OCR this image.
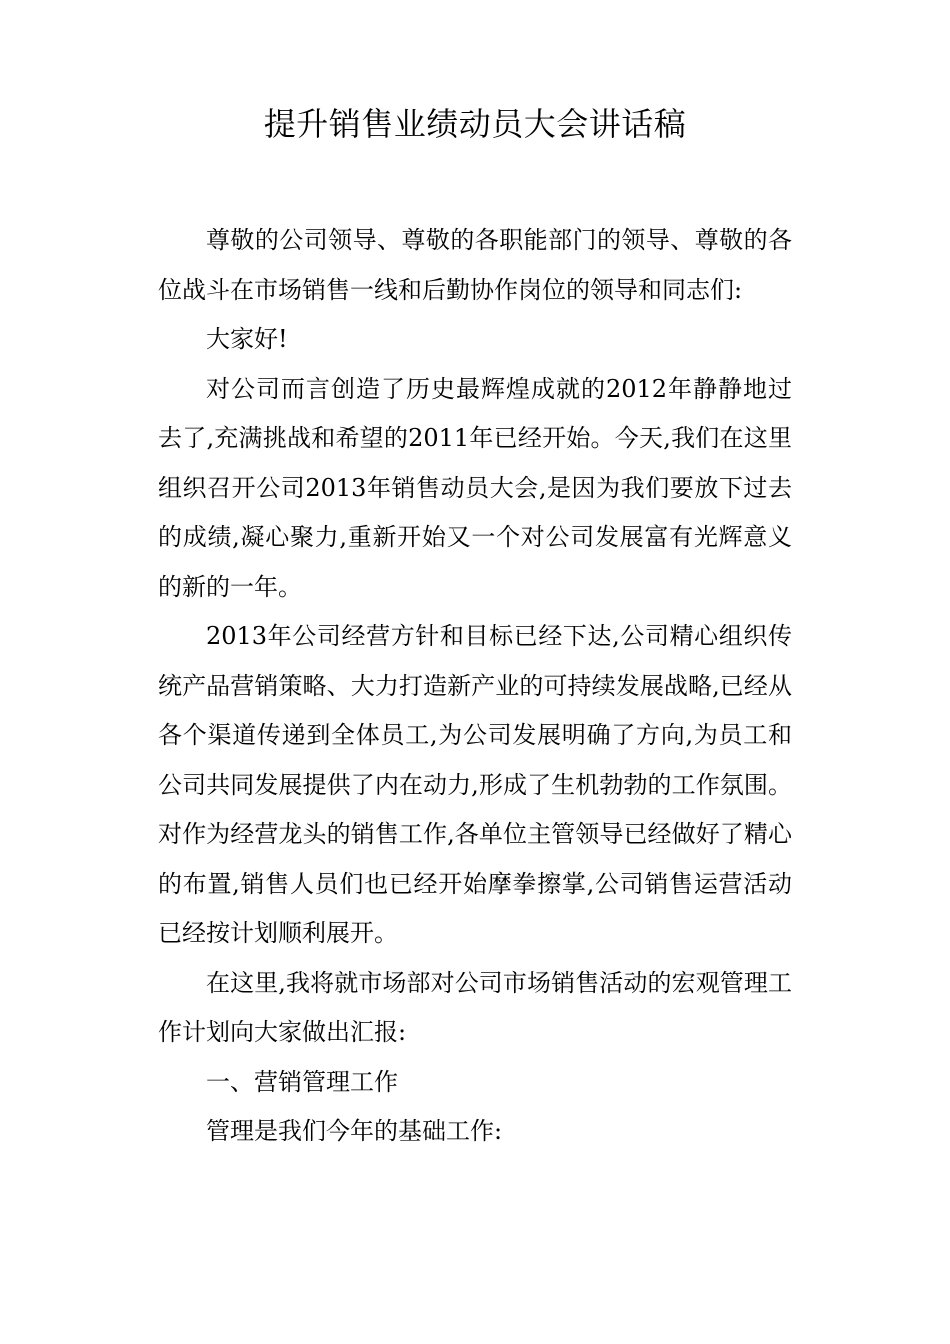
提升销售业绩动员大会讲话稿

尊敬的公司领导、尊敬的各职能部门的领导、尊敬的各位战斗在市场销售一线和后勤协作岗位的领导和同志们:

大家好!

对公司而言创造了历史最辉煌成就的2012年静静地过去了,充满挑战和希望的2011年已经开始。今天,我们在这里组织召开公司2013年销售动员大会,是因为我们要放下过去的成绩,凝心聚力,重新开始又一个对公司发展富有光辉意义的新的一年。

2013年公司经营方针和目标已经下达,公司精心组织传统产品营销策略、大力打造新产业的可持续发展战略,已经从各个渠道传递到全体员工,为公司发展明确了方向,为员工和公司共同发展提供了内在动力,形成了生机勃勃的工作氛围。对作为经营龙头的销售工作,各单位主管领导已经做好了精心的布置,销售人员们也已经开始摩拳擦掌,公司销售运营活动已经按计划顺利展开。

在这里,我将就市场部对公司市场销售活动的宏观管理工作计划向大家做出汇报:

一、营销管理工作

管理是我们今年的基础工作:
